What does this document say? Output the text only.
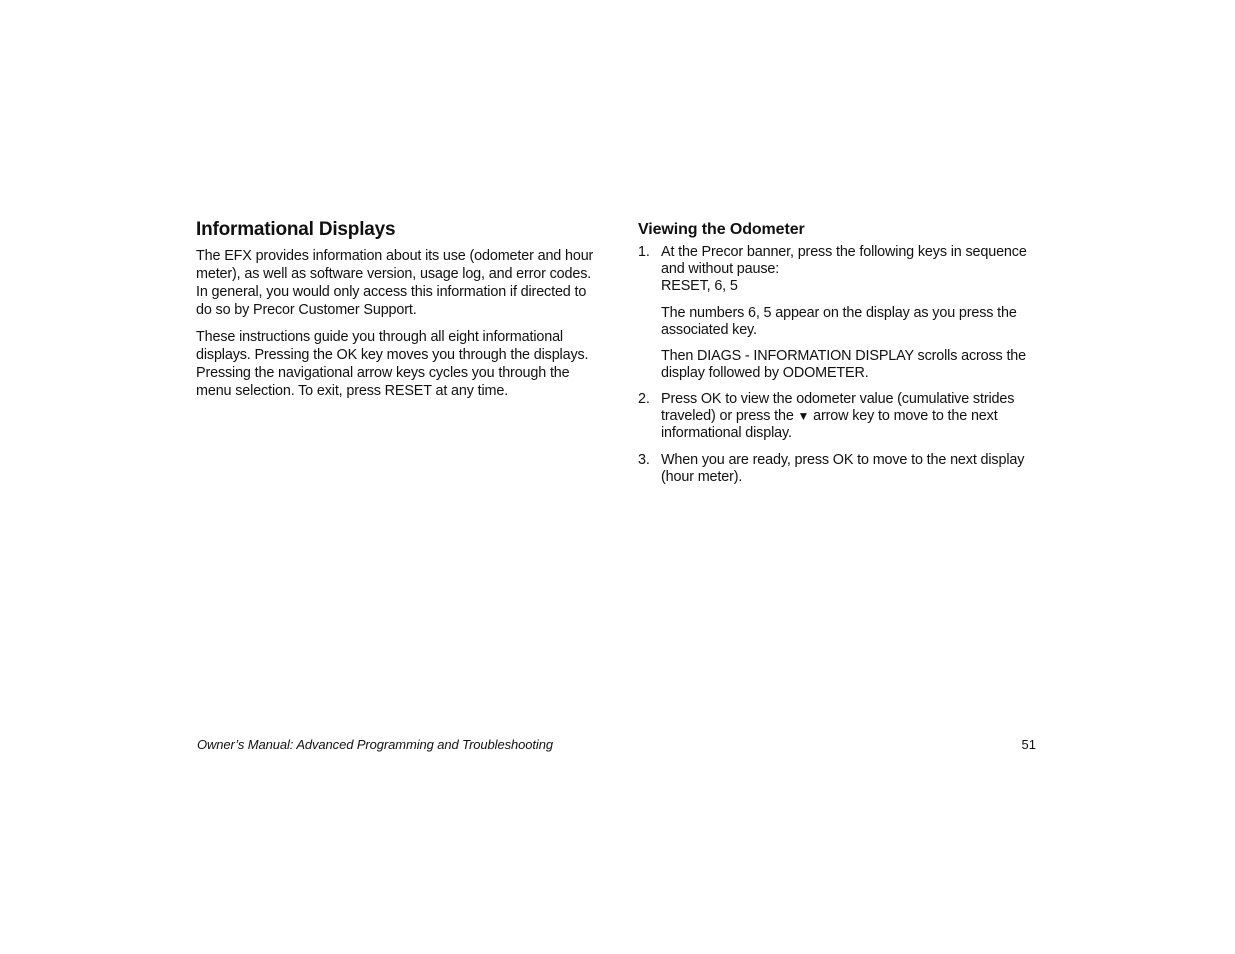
Informational Displays

The EFX provides information about its use (odometer and hour meter), as well as software version, usage log, and error codes. In general, you would only access this information if directed to do so by Precor Customer Support.

These instructions guide you through all eight informational displays. Pressing the OK key moves you through the displays. Pressing the navigational arrow keys cycles you through the menu selection. To exit, press RESET at any time.

Viewing the Odometer
1. At the Precor banner, press the following keys in sequence and without pause:
RESET, 6, 5

The numbers 6, 5 appear on the display as you press the associated key.

Then DIAGS - INFORMATION DISPLAY scrolls across the display followed by ODOMETER.

2. Press OK to view the odometer value (cumulative strides traveled) or press the ▼ arrow key to move to the next informational display.
3. When you are ready, press OK to move to the next display (hour meter).
Owner’s Manual: Advanced Programming and Troubleshooting	51
